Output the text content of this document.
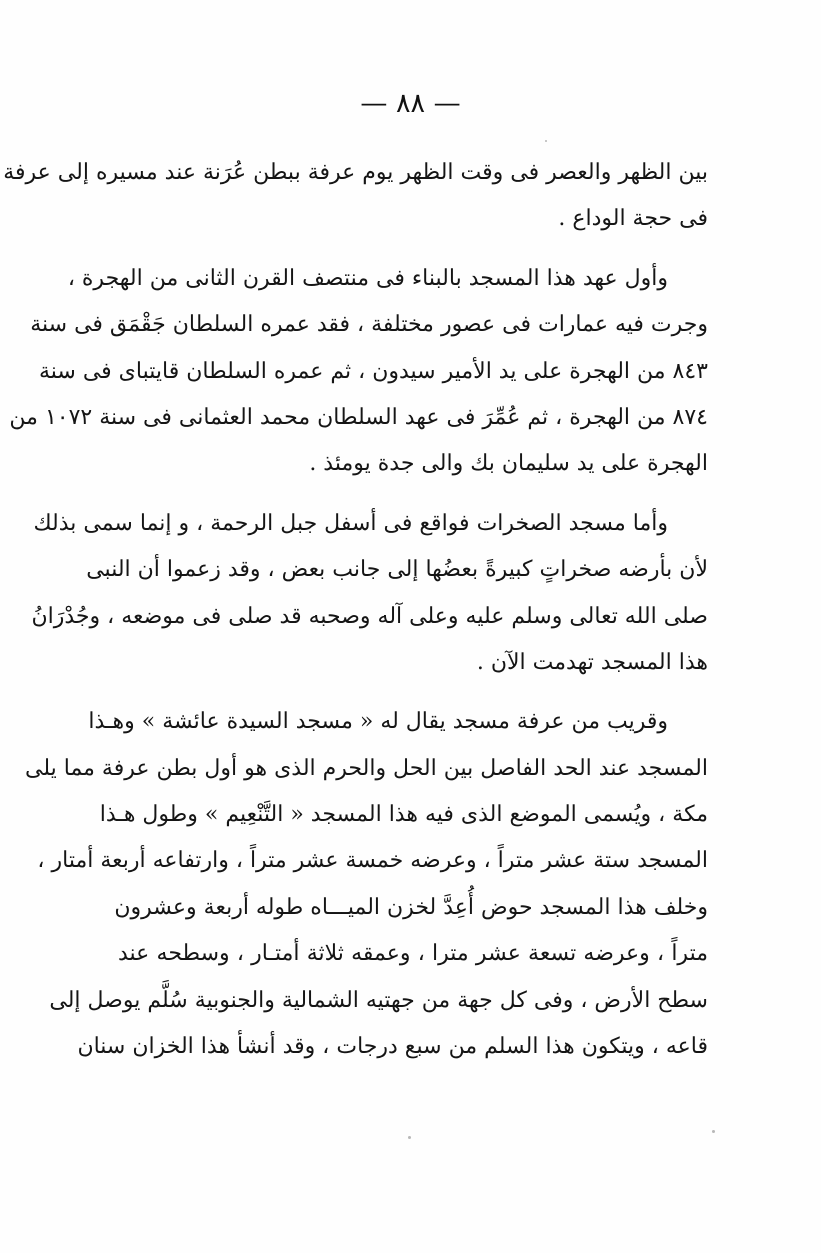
— ٨٨ —
بين الظهر والعصر فى وقت الظهر يوم عرفة ببطن عُرَنة عند مسيره إلى عرفة
فى حجة الوداع .
وأول عهد هذا المسجد بالبناء فى منتصف القرن الثانى من الهجرة ،
وجرت فيه عمارات فى عصور مختلفة ، فقد عمره السلطان جَقْمَق فى سنة
٨٤٣ من الهجرة على يد الأمير سيدون ، ثم عمره السلطان قايتباى فى سنة
٨٧٤ من الهجرة ، ثم عُمِّرَ فى عهد السلطان محمد العثمانى فى سنة ١٠٧٢ من
الهجرة على يد سليمان بك والى جدة يومئذ .
وأما مسجد الصخرات فواقع فى أسفل جبل الرحمة ، و إنما سمى بذلك
لأن بأرضه صخراتٍ كبيرةً بعضُها إلى جانب بعض ، وقد زعموا أن النبى
صلى الله تعالى وسلم عليه وعلى آله وصحبه قد صلى فى موضعه ، وجُدْرَانُ
هذا المسجد تهدمت الآن .
وقريب من عرفة مسجد يقال له « مسجد السيدة عائشة » وهـذا
المسجد عند الحد الفاصل بين الحل والحرم الذى هو أول بطن عرفة مما يلى
مكة ، ويُسمى الموضع الذى فيه هذا المسجد « التَّنْعِيم » وطول هـذا
المسجد ستة عشر متراً ، وعرضه خمسة عشر متراً ، وارتفاعه أربعة أمتار ،
وخلف هذا المسجد حوض أُعِدَّ لخزن الميـــاه طوله أربعة وعشرون
متراً ، وعرضه تسعة عشر مترا ، وعمقه ثلاثة أمتـار ، وسطحه عند
سطح الأرض ، وفى كل جهة من جهتيه الشمالية والجنوبية سُلَّم يوصل إلى
قاعه ، ويتكون هذا السلم من سبع درجات ، وقد أنشأ هذا الخزان سنان
